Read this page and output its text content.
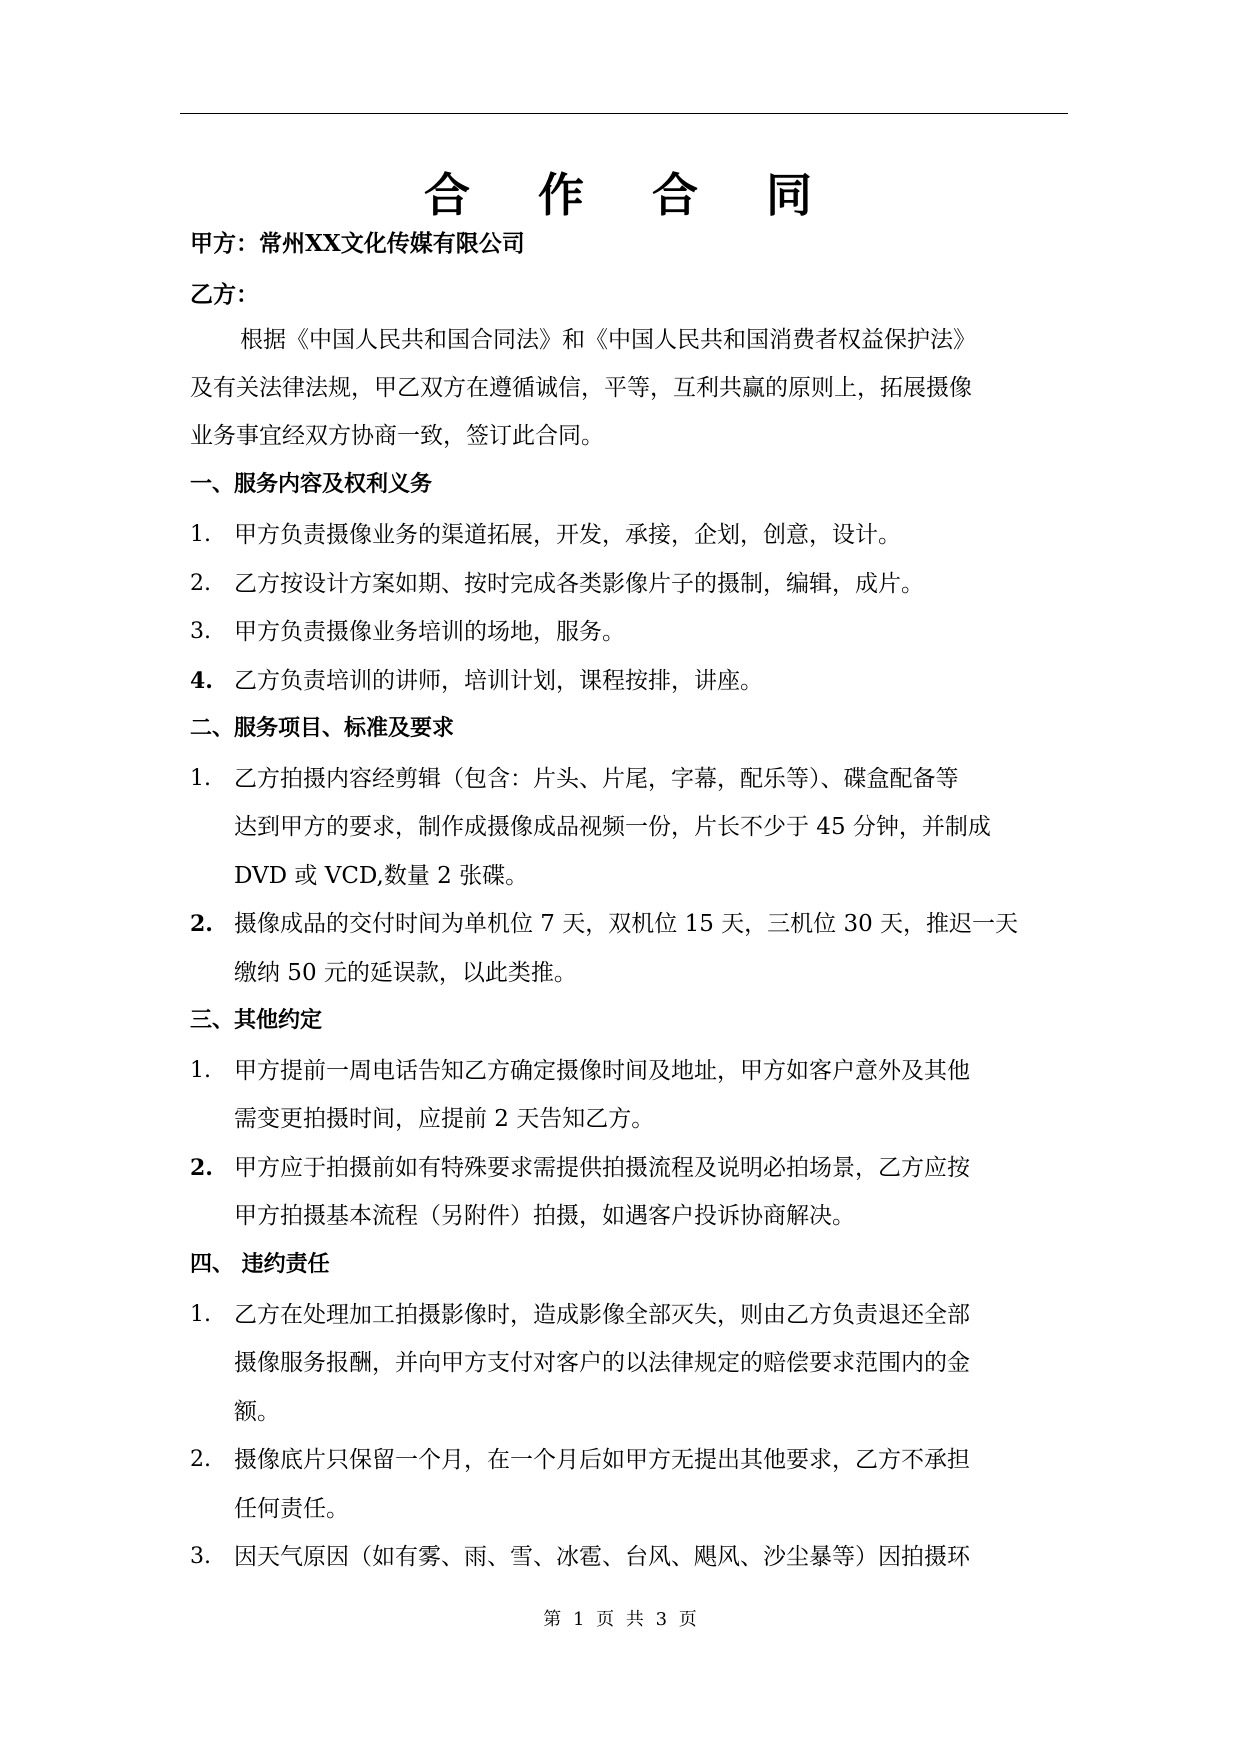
合 作 合 同
甲方：常州XX文化传媒有限公司
乙方：
根据《中国人民共和国合同法》和《中国人民共和国消费者权益保护法》
及有关法律法规，甲乙双方在遵循诚信，平等，互利共赢的原则上，拓展摄像
业务事宜经双方协商一致，签订此合同。
一、服务内容及权利义务
1. 甲方负责摄像业务的渠道拓展，开发，承接，企划，创意，设计。
2. 乙方按设计方案如期、按时完成各类影像片子的摄制，编辑，成片。
3. 甲方负责摄像业务培训的场地，服务。
4. 乙方负责培训的讲师，培训计划，课程按排，讲座。
二、服务项目、标准及要求
1. 乙方拍摄内容经剪辑（包含：片头、片尾，字幕，配乐等）、碟盒配备等
达到甲方的要求，制作成摄像成品视频一份，片长不少于 45 分钟，并制成
DVD 或 VCD,数量 2 张碟。
2. 摄像成品的交付时间为单机位 7 天，双机位 15 天，三机位 30 天，推迟一天
缴纳 50 元的延误款，以此类推。
三、其他约定
1. 甲方提前一周电话告知乙方确定摄像时间及地址，甲方如客户意外及其他
需变更拍摄时间，应提前 2 天告知乙方。
2. 甲方应于拍摄前如有特殊要求需提供拍摄流程及说明必拍场景，乙方应按
甲方拍摄基本流程（另附件）拍摄，如遇客户投诉协商解决。
四、 违约责任
1. 乙方在处理加工拍摄影像时，造成影像全部灭失，则由乙方负责退还全部
摄像服务报酬，并向甲方支付对客户的以法律规定的赔偿要求范围内的金
额。
2. 摄像底片只保留一个月，在一个月后如甲方无提出其他要求，乙方不承担
任何责任。
3. 因天气原因（如有雾、雨、雪、冰雹、台风、飓风、沙尘暴等）因拍摄环
第 1 页 共 3 页
